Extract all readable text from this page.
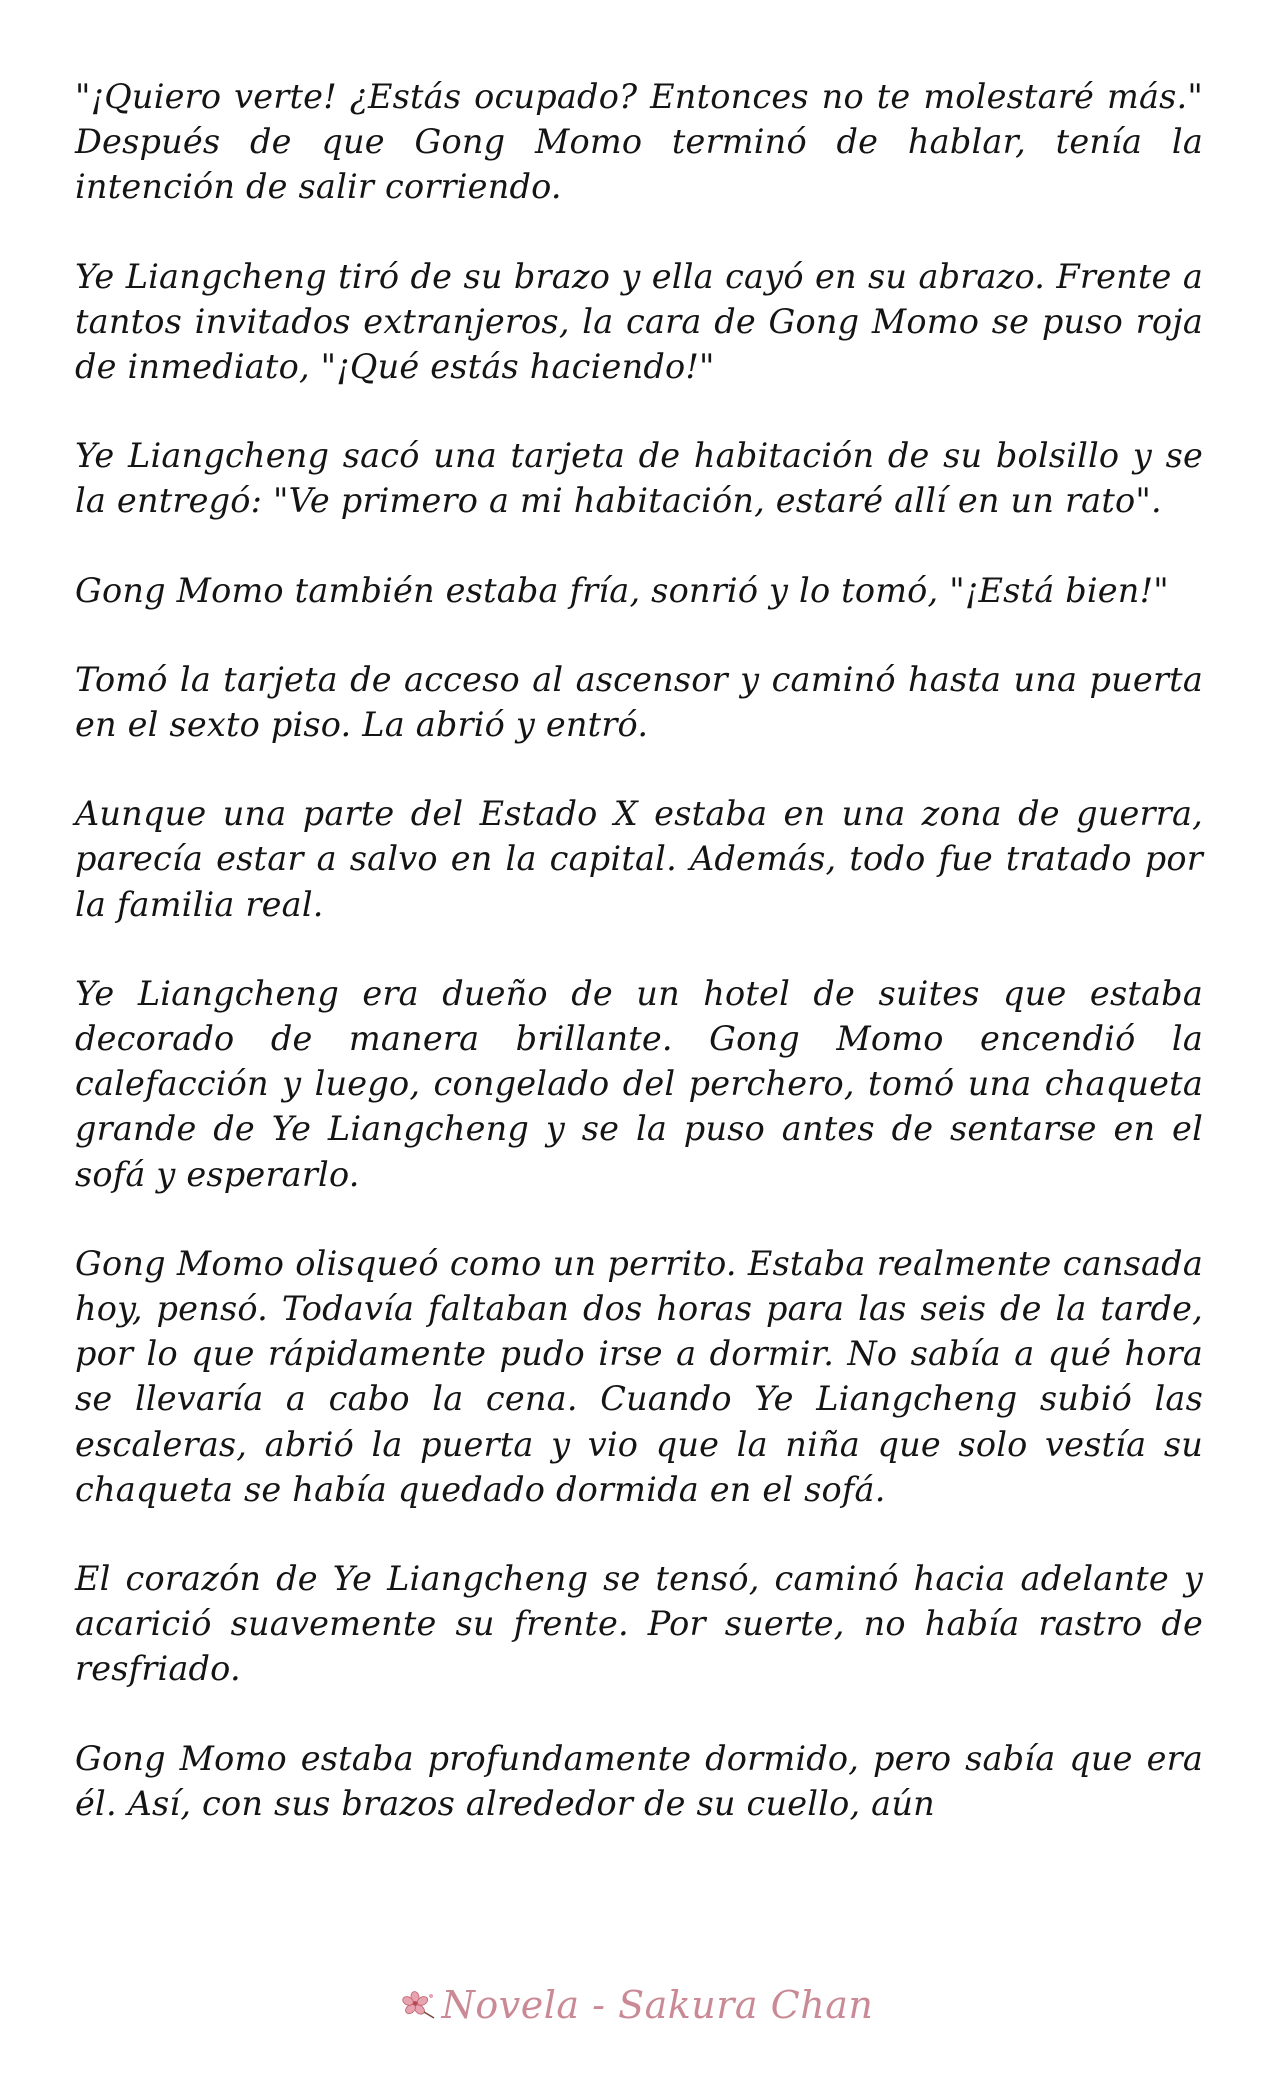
"¡Quiero verte! ¿Estás ocupado? Entonces no te molestaré más." Después de que Gong Momo terminó de hablar, tenía la intención de salir corriendo.

Ye Liangcheng tiró de su brazo y ella cayó en su abrazo. Frente a tantos invitados extranjeros, la cara de Gong Momo se puso roja de inmediato, "¡Qué estás haciendo!"

Ye Liangcheng sacó una tarjeta de habitación de su bolsillo y se la entregó: "Ve primero a mi habitación, estaré allí en un rato".

Gong Momo también estaba fría, sonrió y lo tomó, "¡Está bien!"

Tomó la tarjeta de acceso al ascensor y caminó hasta una puerta en el sexto piso. La abrió y entró.

Aunque una parte del Estado X estaba en una zona de guerra, parecía estar a salvo en la capital. Además, todo fue tratado por la familia real.

Ye Liangcheng era dueño de un hotel de suites que estaba decorado de manera brillante. Gong Momo encendió la calefacción y luego, congelado del perchero, tomó una chaqueta grande de Ye Liangcheng y se la puso antes de sentarse en el sofá y esperarlo.

Gong Momo olisqueó como un perrito. Estaba realmente cansada hoy, pensó. Todavía faltaban dos horas para las seis de la tarde, por lo que rápidamente pudo irse a dormir. No sabía a qué hora se llevaría a cabo la cena. Cuando Ye Liangcheng subió las escaleras, abrió la puerta y vio que la niña que solo vestía su chaqueta se había quedado dormida en el sofá.

El corazón de Ye Liangcheng se tensó, caminó hacia adelante y acarició suavemente su frente. Por suerte, no había rastro de resfriado.

Gong Momo estaba profundamente dormido, pero sabía que era él. Así, con sus brazos alrededor de su cuello, aún

Novela - Sakura Chan
